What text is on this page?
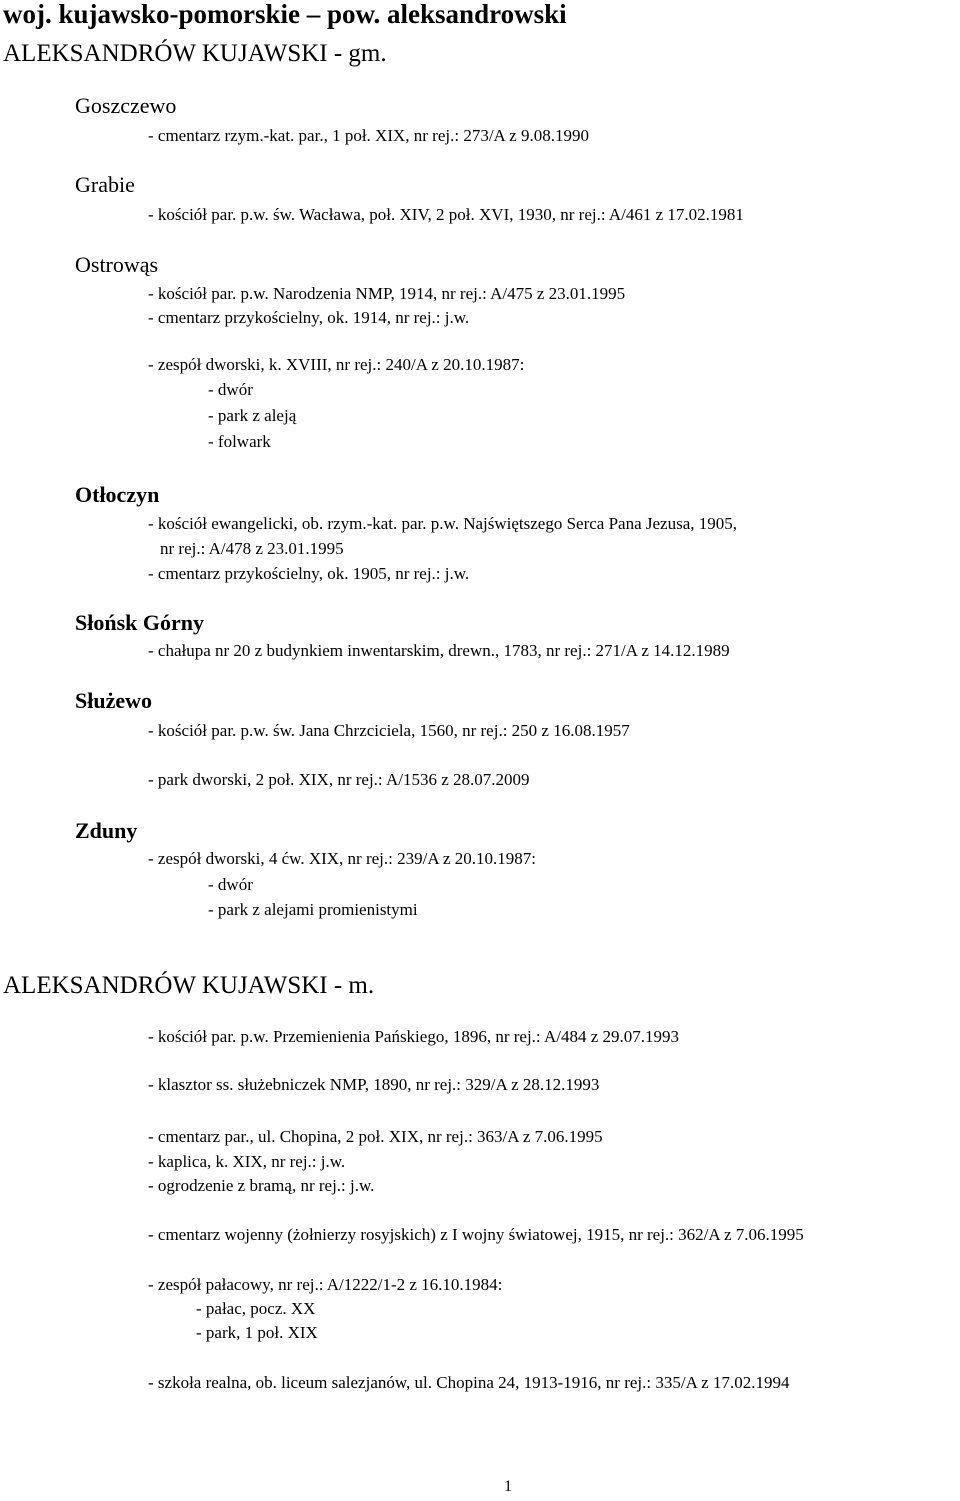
woj. kujawsko-pomorskie – pow. aleksandrowski
ALEKSANDRÓW KUJAWSKI - gm.
Goszczewo
- cmentarz rzym.-kat. par., 1 poł. XIX, nr rej.: 273/A z 9.08.1990
Grabie
- kościół par. p.w. św. Wacława, poł. XIV, 2 poł. XVI, 1930, nr rej.: A/461 z 17.02.1981
Ostrowąs
- kościół par. p.w. Narodzenia NMP, 1914, nr rej.: A/475 z 23.01.1995
- cmentarz przykościelny, ok. 1914, nr rej.: j.w.
- zespół dworski, k. XVIII, nr rej.: 240/A z 20.10.1987:
- dwór
- park z aleją
- folwark
Otłoczyn
- kościół ewangelicki, ob. rzym.-kat. par. p.w. Najświętszego Serca Pana Jezusa, 1905,
nr rej.: A/478 z 23.01.1995
- cmentarz przykościelny, ok. 1905, nr rej.: j.w.
Słońsk Górny
- chałupa nr 20 z budynkiem inwentarskim, drewn., 1783, nr rej.: 271/A z 14.12.1989
Służewo
- kościół par. p.w. św. Jana Chrzciciela, 1560, nr rej.: 250 z 16.08.1957
- park dworski, 2 poł. XIX, nr rej.: A/1536 z 28.07.2009
Zduny
- zespół dworski, 4 ćw. XIX, nr rej.: 239/A z 20.10.1987:
- dwór
- park z alejami promienistymi
ALEKSANDRÓW KUJAWSKI - m.
- kościół par. p.w. Przemienienia Pańskiego, 1896, nr rej.: A/484 z 29.07.1993
- klasztor ss. służebniczek NMP, 1890, nr rej.: 329/A z 28.12.1993
- cmentarz par., ul. Chopina, 2 poł. XIX, nr rej.: 363/A z 7.06.1995
- kaplica, k. XIX, nr rej.: j.w.
- ogrodzenie z bramą, nr rej.: j.w.
- cmentarz wojenny (żołnierzy rosyjskich) z I wojny światowej, 1915, nr rej.: 362/A z 7.06.1995
- zespół pałacowy, nr rej.: A/1222/1-2 z 16.10.1984:
- pałac, pocz. XX
- park, 1 poł. XIX
- szkoła realna, ob. liceum salezjanów, ul. Chopina 24, 1913-1916, nr rej.: 335/A z 17.02.1994
1
